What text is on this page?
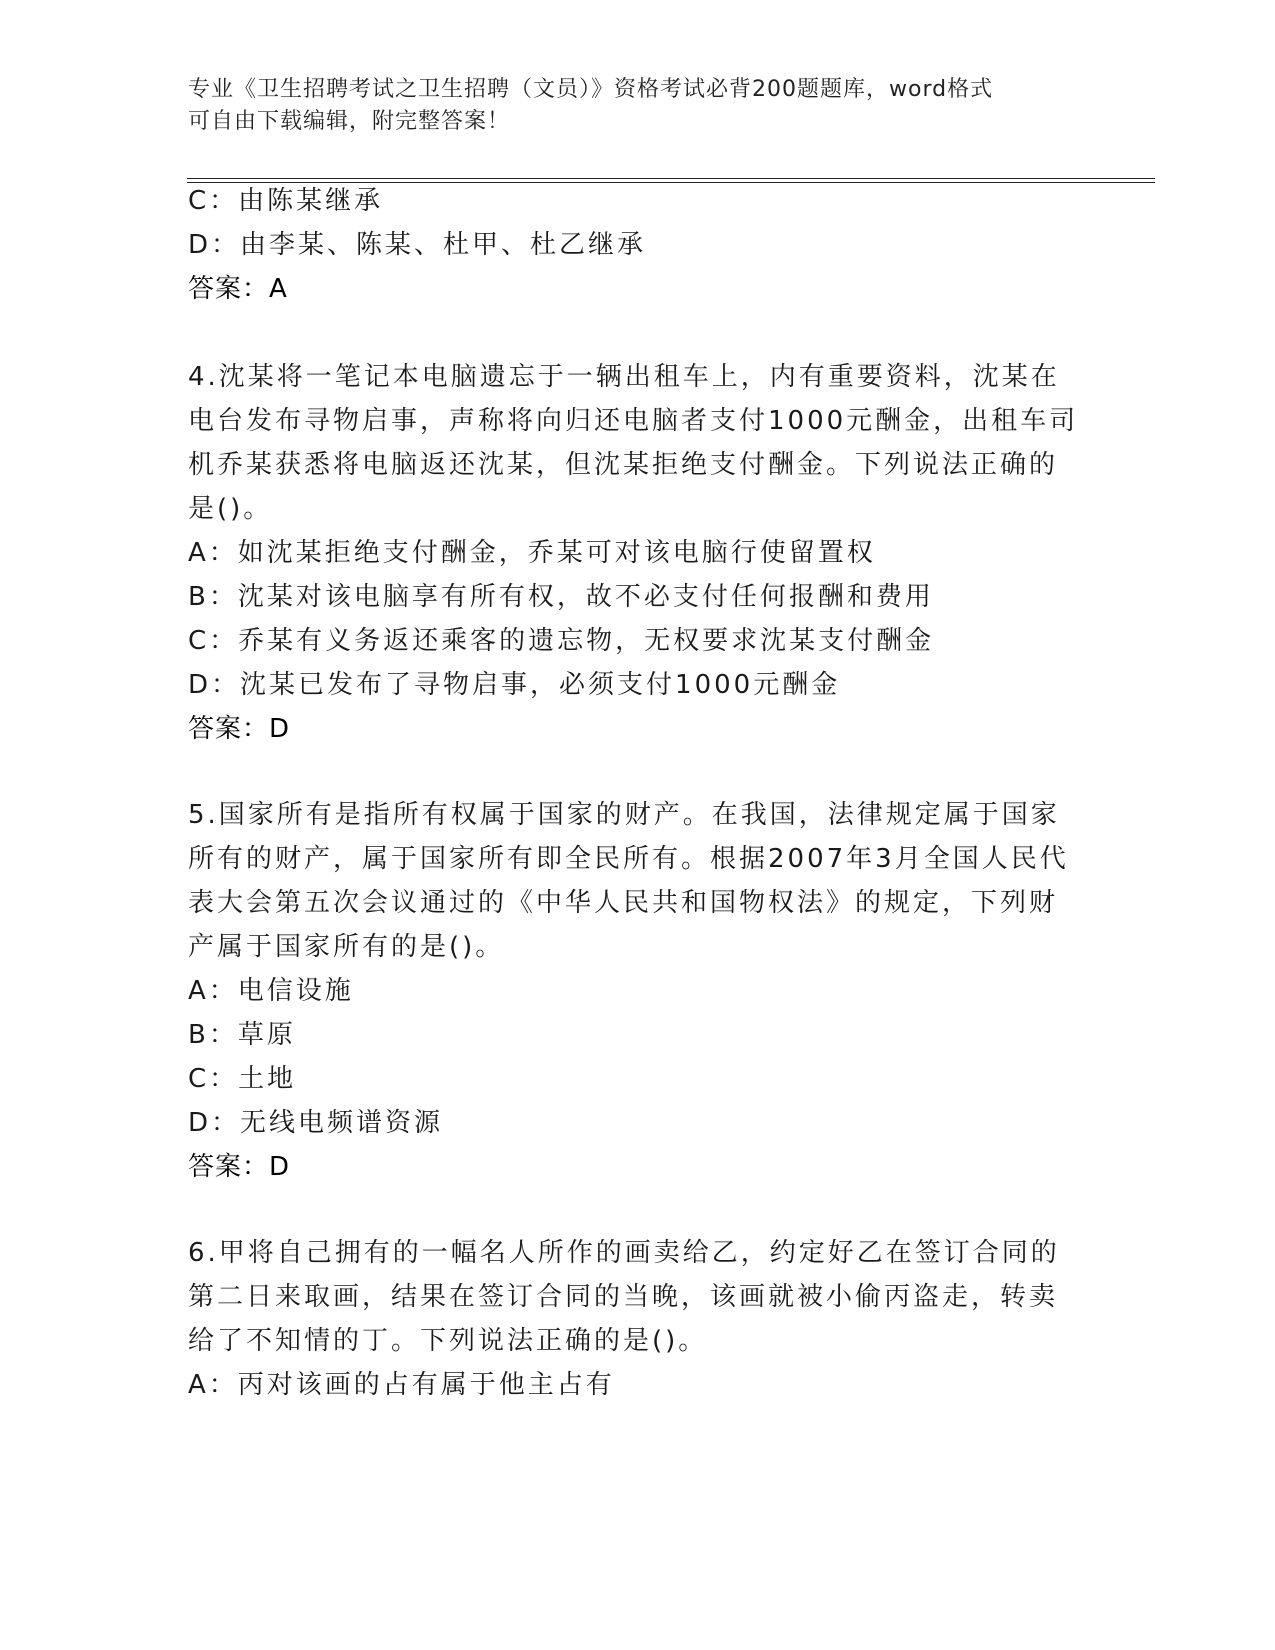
专业《卫生招聘考试之卫生招聘（文员）》资格考试必背200题题库，word格式
可自由下载编辑，附完整答案！
C：由陈某继承
D：由李某、陈某、杜甲、杜乙继承
答案：A
4.沈某将一笔记本电脑遗忘于一辆出租车上，内有重要资料，沈某在
电台发布寻物启事，声称将向归还电脑者支付1000元酬金，出租车司
机乔某获悉将电脑返还沈某，但沈某拒绝支付酬金。下列说法正确的
是()。
A：如沈某拒绝支付酬金，乔某可对该电脑行使留置权
B：沈某对该电脑享有所有权，故不必支付任何报酬和费用
C：乔某有义务返还乘客的遗忘物，无权要求沈某支付酬金
D：沈某已发布了寻物启事，必须支付1000元酬金
答案：D
5.国家所有是指所有权属于国家的财产。在我国，法律规定属于国家
所有的财产，属于国家所有即全民所有。根据2007年3月全国人民代
表大会第五次会议通过的《中华人民共和国物权法》的规定，下列财
产属于国家所有的是()。
A：电信设施
B：草原
C：土地
D：无线电频谱资源
答案：D
6.甲将自己拥有的一幅名人所作的画卖给乙，约定好乙在签订合同的
第二日来取画，结果在签订合同的当晚，该画就被小偷丙盗走，转卖
给了不知情的丁。下列说法正确的是()。
A：丙对该画的占有属于他主占有
